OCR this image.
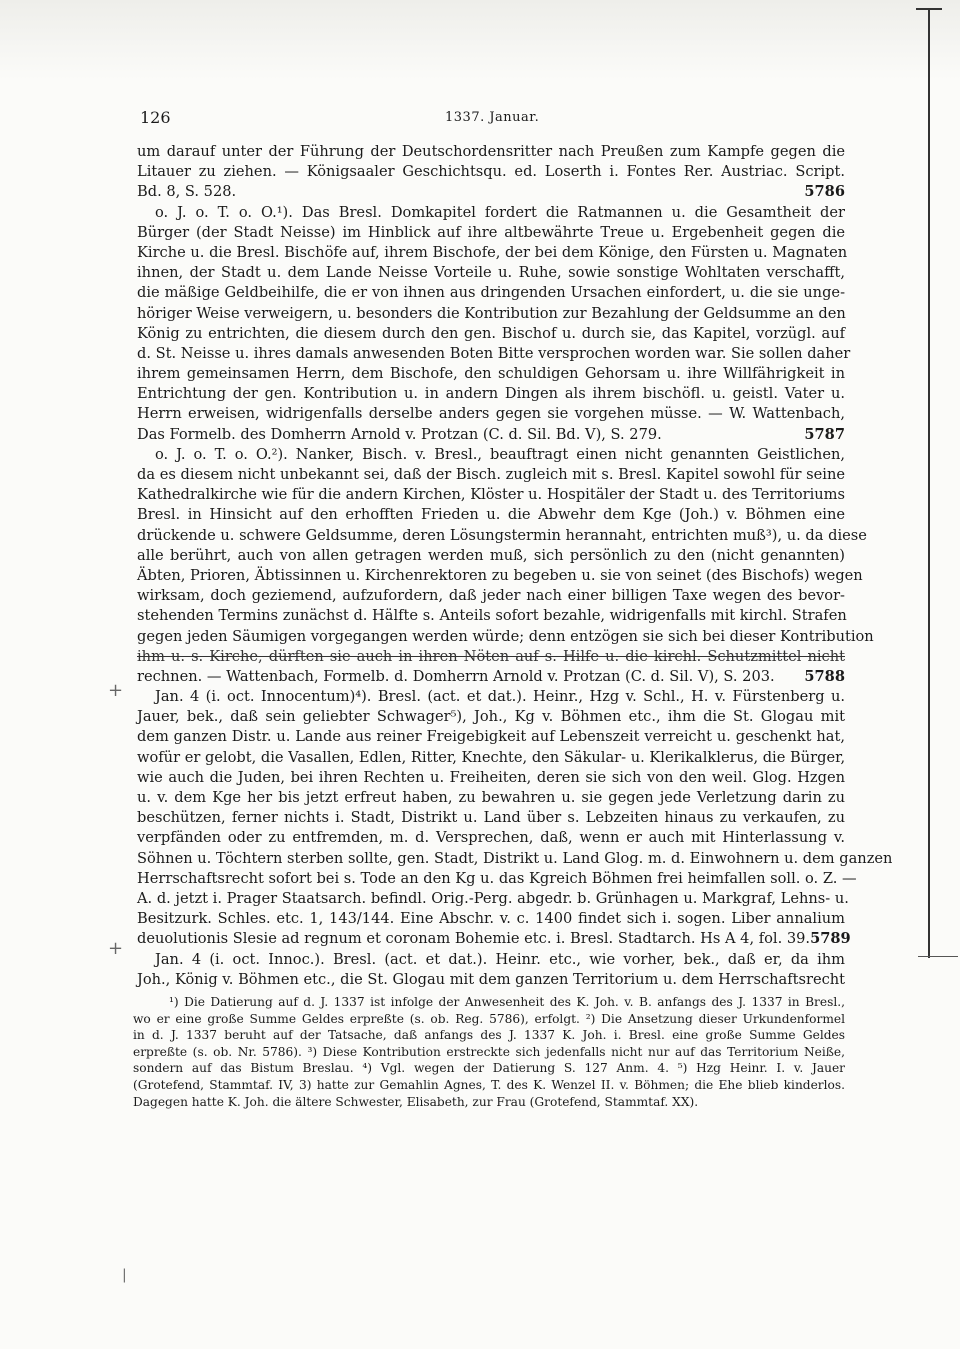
+
+
|
126	1337. Januar.
um darauf unter der Führung der Deutschordensritter nach Preußen zum Kampfe gegen die
Litauer zu ziehen. — Königsaaler Geschichtsqu. ed. Loserth i. Fontes Rer. Austriac. Script.
Bd. 8, S. 528.	5786
o. J. o. T. o. O.¹). Das Bresl. Domkapitel fordert die Ratmannen u. die Gesamtheit der
Bürger (der Stadt Neisse) im Hinblick auf ihre altbewährte Treue u. Ergebenheit gegen die
Kirche u. die Bresl. Bischöfe auf, ihrem Bischofe, der bei dem Könige, den Fürsten u. Magnaten
ihnen, der Stadt u. dem Lande Neisse Vorteile u. Ruhe, sowie sonstige Wohltaten verschafft,
die mäßige Geldbeihilfe, die er von ihnen aus dringenden Ursachen einfordert, u. die sie unge-
höriger Weise verweigern, u. besonders die Kontribution zur Bezahlung der Geldsumme an den
König zu entrichten, die diesem durch den gen. Bischof u. durch sie, das Kapitel, vorzügl. auf
d. St. Neisse u. ihres damals anwesenden Boten Bitte versprochen worden war. Sie sollen daher
ihrem gemeinsamen Herrn, dem Bischofe, den schuldigen Gehorsam u. ihre Willfährigkeit in
Entrichtung der gen. Kontribution u. in andern Dingen als ihrem bischöfl. u. geistl. Vater u.
Herrn erweisen, widrigenfalls derselbe anders gegen sie vorgehen müsse. — W. Wattenbach,
Das Formelb. des Domherrn Arnold v. Protzan (C. d. Sil. Bd. V), S. 279.	5787
o. J. o. T. o. O.²). Nanker, Bisch. v. Bresl., beauftragt einen nicht genannten Geistlichen,
da es diesem nicht unbekannt sei, daß der Bisch. zugleich mit s. Bresl. Kapitel sowohl für seine
Kathedralkirche wie für die andern Kirchen, Klöster u. Hospitäler der Stadt u. des Territoriums
Bresl. in Hinsicht auf den erhofften Frieden u. die Abwehr dem Kge (Joh.) v. Böhmen eine
drückende u. schwere Geldsumme, deren Lösungstermin herannaht, entrichten muß³), u. da diese
alle berührt, auch von allen getragen werden muß, sich persönlich zu den (nicht genannten)
Äbten, Prioren, Äbtissinnen u. Kirchenrektoren zu begeben u. sie von seinet (des Bischofs) wegen
wirksam, doch geziemend, aufzufordern, daß jeder nach einer billigen Taxe wegen des bevor-
stehenden Termins zunächst d. Hälfte s. Anteils sofort bezahle, widrigenfalls mit kirchl. Strafen
gegen jeden Säumigen vorgegangen werden würde; denn entzögen sie sich bei dieser Kontribution
ihm u. s. Kirche, dürften sie auch in ihren Nöten auf s. Hilfe u. die kirchl. Schutzmittel nicht
rechnen. — Wattenbach, Formelb. d. Domherrn Arnold v. Protzan (C. d. Sil. V), S. 203. 5788
Jan. 4 (i. oct. Innocentum)⁴). Bresl. (act. et dat.). Heinr., Hzg v. Schl., H. v. Fürstenberg u.
Jauer, bek., daß sein geliebter Schwager⁵), Joh., Kg v. Böhmen etc., ihm die St. Glogau mit
dem ganzen Distr. u. Lande aus reiner Freigebigkeit auf Lebenszeit verreicht u. geschenkt hat,
wofür er gelobt, die Vasallen, Edlen, Ritter, Knechte, den Säkular- u. Klerikalklerus, die Bürger,
wie auch die Juden, bei ihren Rechten u. Freiheiten, deren sie sich von den weil. Glog. Hzgen
u. v. dem Kge her bis jetzt erfreut haben, zu bewahren u. sie gegen jede Verletzung darin zu
beschützen, ferner nichts i. Stadt, Distrikt u. Land über s. Lebzeiten hinaus zu verkaufen, zu
verpfänden oder zu entfremden, m. d. Versprechen, daß, wenn er auch mit Hinterlassung v.
Söhnen u. Töchtern sterben sollte, gen. Stadt, Distrikt u. Land Glog. m. d. Einwohnern u. dem ganzen
Herrschaftsrecht sofort bei s. Tode an den Kg u. das Kgreich Böhmen frei heimfallen soll. o. Z. —
A. d. jetzt i. Prager Staatsarch. befindl. Orig.-Perg. abgedr. b. Grünhagen u. Markgraf, Lehns- u.
Besitzurk. Schles. etc. 1, 143/144. Eine Abschr. v. c. 1400 findet sich i. sogen. Liber annalium
deuolutionis Slesie ad regnum et coronam Bohemie etc. i. Bresl. Stadtarch. Hs A 4, fol. 39. 5789
Jan. 4 (i. oct. Innoc.). Bresl. (act. et dat.). Heinr. etc., wie vorher, bek., daß er, da ihm
Joh., König v. Böhmen etc., die St. Glogau mit dem ganzen Territorium u. dem Herrschaftsrecht
¹) Die Datierung auf d. J. 1337 ist infolge der Anwesenheit des K. Joh. v. B. anfangs des J. 1337 in Bresl.,
wo er eine große Summe Geldes erpreßte (s. ob. Reg. 5786), erfolgt. ²) Die Ansetzung dieser Urkundenformel
in d. J. 1337 beruht auf der Tatsache, daß anfangs des J. 1337 K. Joh. i. Bresl. eine große Summe Geldes
erpreßte (s. ob. Nr. 5786). ³) Diese Kontribution erstreckte sich jedenfalls nicht nur auf das Territorium Neiße,
sondern auf das Bistum Breslau. ⁴) Vgl. wegen der Datierung S. 127 Anm. 4. ⁵) Hzg Heinr. I. v. Jauer
(Grotefend, Stammtaf. IV, 3) hatte zur Gemahlin Agnes, T. des K. Wenzel II. v. Böhmen; die Ehe blieb kinderlos.
Dagegen hatte K. Joh. die ältere Schwester, Elisabeth, zur Frau (Grotefend, Stammtaf. XX).
